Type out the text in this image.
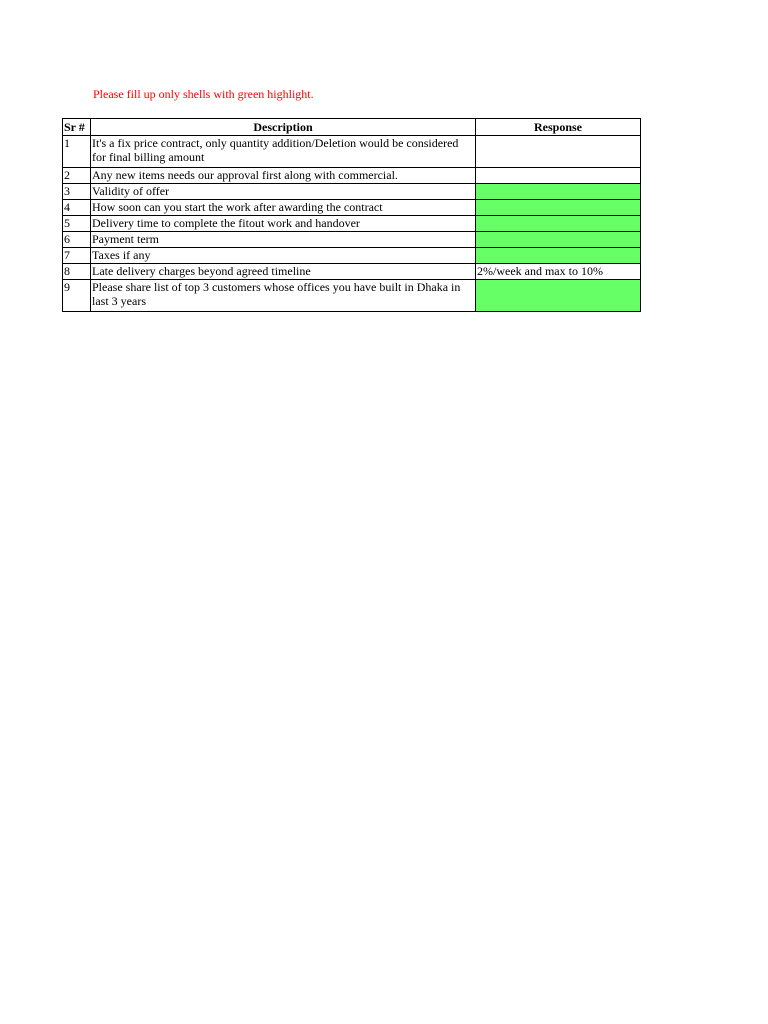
Please fill up only shells with green highlight.
Sr #	Description	Response
1	It's a fix price contract, only quantity addition/Deletion would be considered for final billing amount	
2	Any new items needs our approval first along with commercial.	
3	Validity of offer	
4	How soon can you start the work after awarding the contract	
5	Delivery time to complete the fitout work and handover	
6	Payment term	
7	Taxes if any	
8	Late delivery charges beyond agreed timeline	2%/week and max to 10%
9	Please share list of top 3 customers whose offices you have built in Dhaka in last 3 years	
